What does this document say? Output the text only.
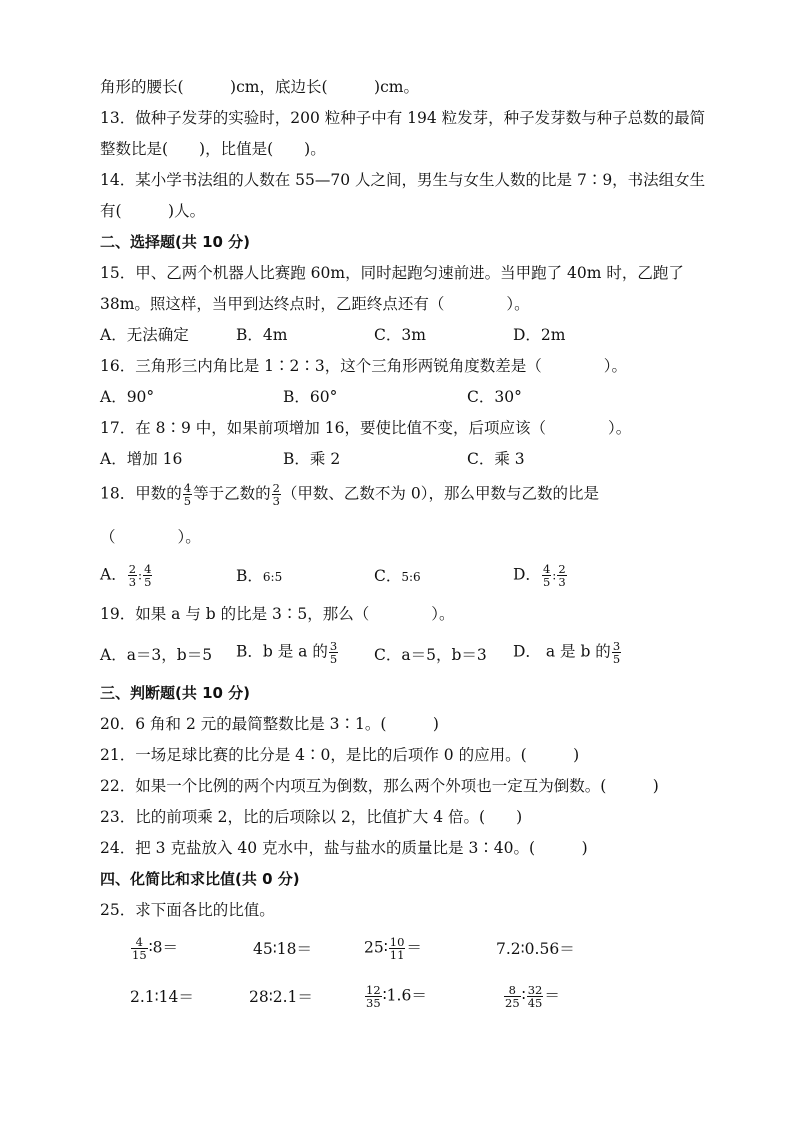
角形的腰长(　　　)cm，底边长(　　　)cm。
13．做种子发芽的实验时，200 粒种子中有 194 粒发芽，种子发芽数与种子总数的最简
整数比是(　　)，比值是(　　)。
14．某小学书法组的人数在 55—70 人之间，男生与女生人数的比是 7∶9，书法组女生
有(　　　)人。
二、选择题(共 10 分)
15．甲、乙两个机器人比赛跑 60m，同时起跑匀速前进。当甲跑了 40m 时，乙跑了
38m。照这样，当甲到达终点时，乙距终点还有（　　　　）。
A．无法确定	B．4m	C．3m	D．2m
16．三角形三内角比是 1∶2∶3，这个三角形两锐角度数差是（　　　　）。
A．90°	B．60°	C．30°
17．在 8∶9 中，如果前项增加 16，要使比值不变，后项应该（　　　　）。
A．增加 16	B．乘 2	C．乘 3
18．甲数的 $\frac{4}{5}$ 等于乙数的 $\frac{2}{3}$ （甲数、乙数不为 0），那么甲数与乙数的比是
（　　　　）。
A． $\frac{2}{3}$ : $\frac{4}{5}$	B．6:5	C．5:6	D． $\frac{4}{5}$ : $\frac{2}{3}$
19．如果 a 与 b 的比是 3∶5，那么（　　　　）。
A．a＝3，b＝5 B．b 是 a 的 $\frac{3}{5}$ C．a＝5，b＝3 D． a 是 b 的 $\frac{3}{5}$
三、判断题(共 10 分)
20．6 角和 2 元的最简整数比是 3∶1。(　　　)
21．一场足球比赛的比分是 4∶0，是比的后项作 0 的应用。(　　　)
22．如果一个比例的两个内项互为倒数，那么两个外项也一定互为倒数。(　　　)
23．比的前项乘 2，比的后项除以 2，比值扩大 4 倍。(　　)
24．把 3 克盐放入 40 克水中，盐与盐水的质量比是 3∶40。(　　　)
四、化简比和求比值(共 0 分)
25．求下面各比的比值。
$\frac{4}{15}$ ∶8＝	45∶18＝	25∶ $\frac{10}{11}$ ＝	7.2∶0.56＝
2.1∶14＝	28∶2.1＝	$\frac{12}{35}$ ∶1.6＝	$\frac{8}{25}$ ∶ $\frac{32}{45}$ ＝
